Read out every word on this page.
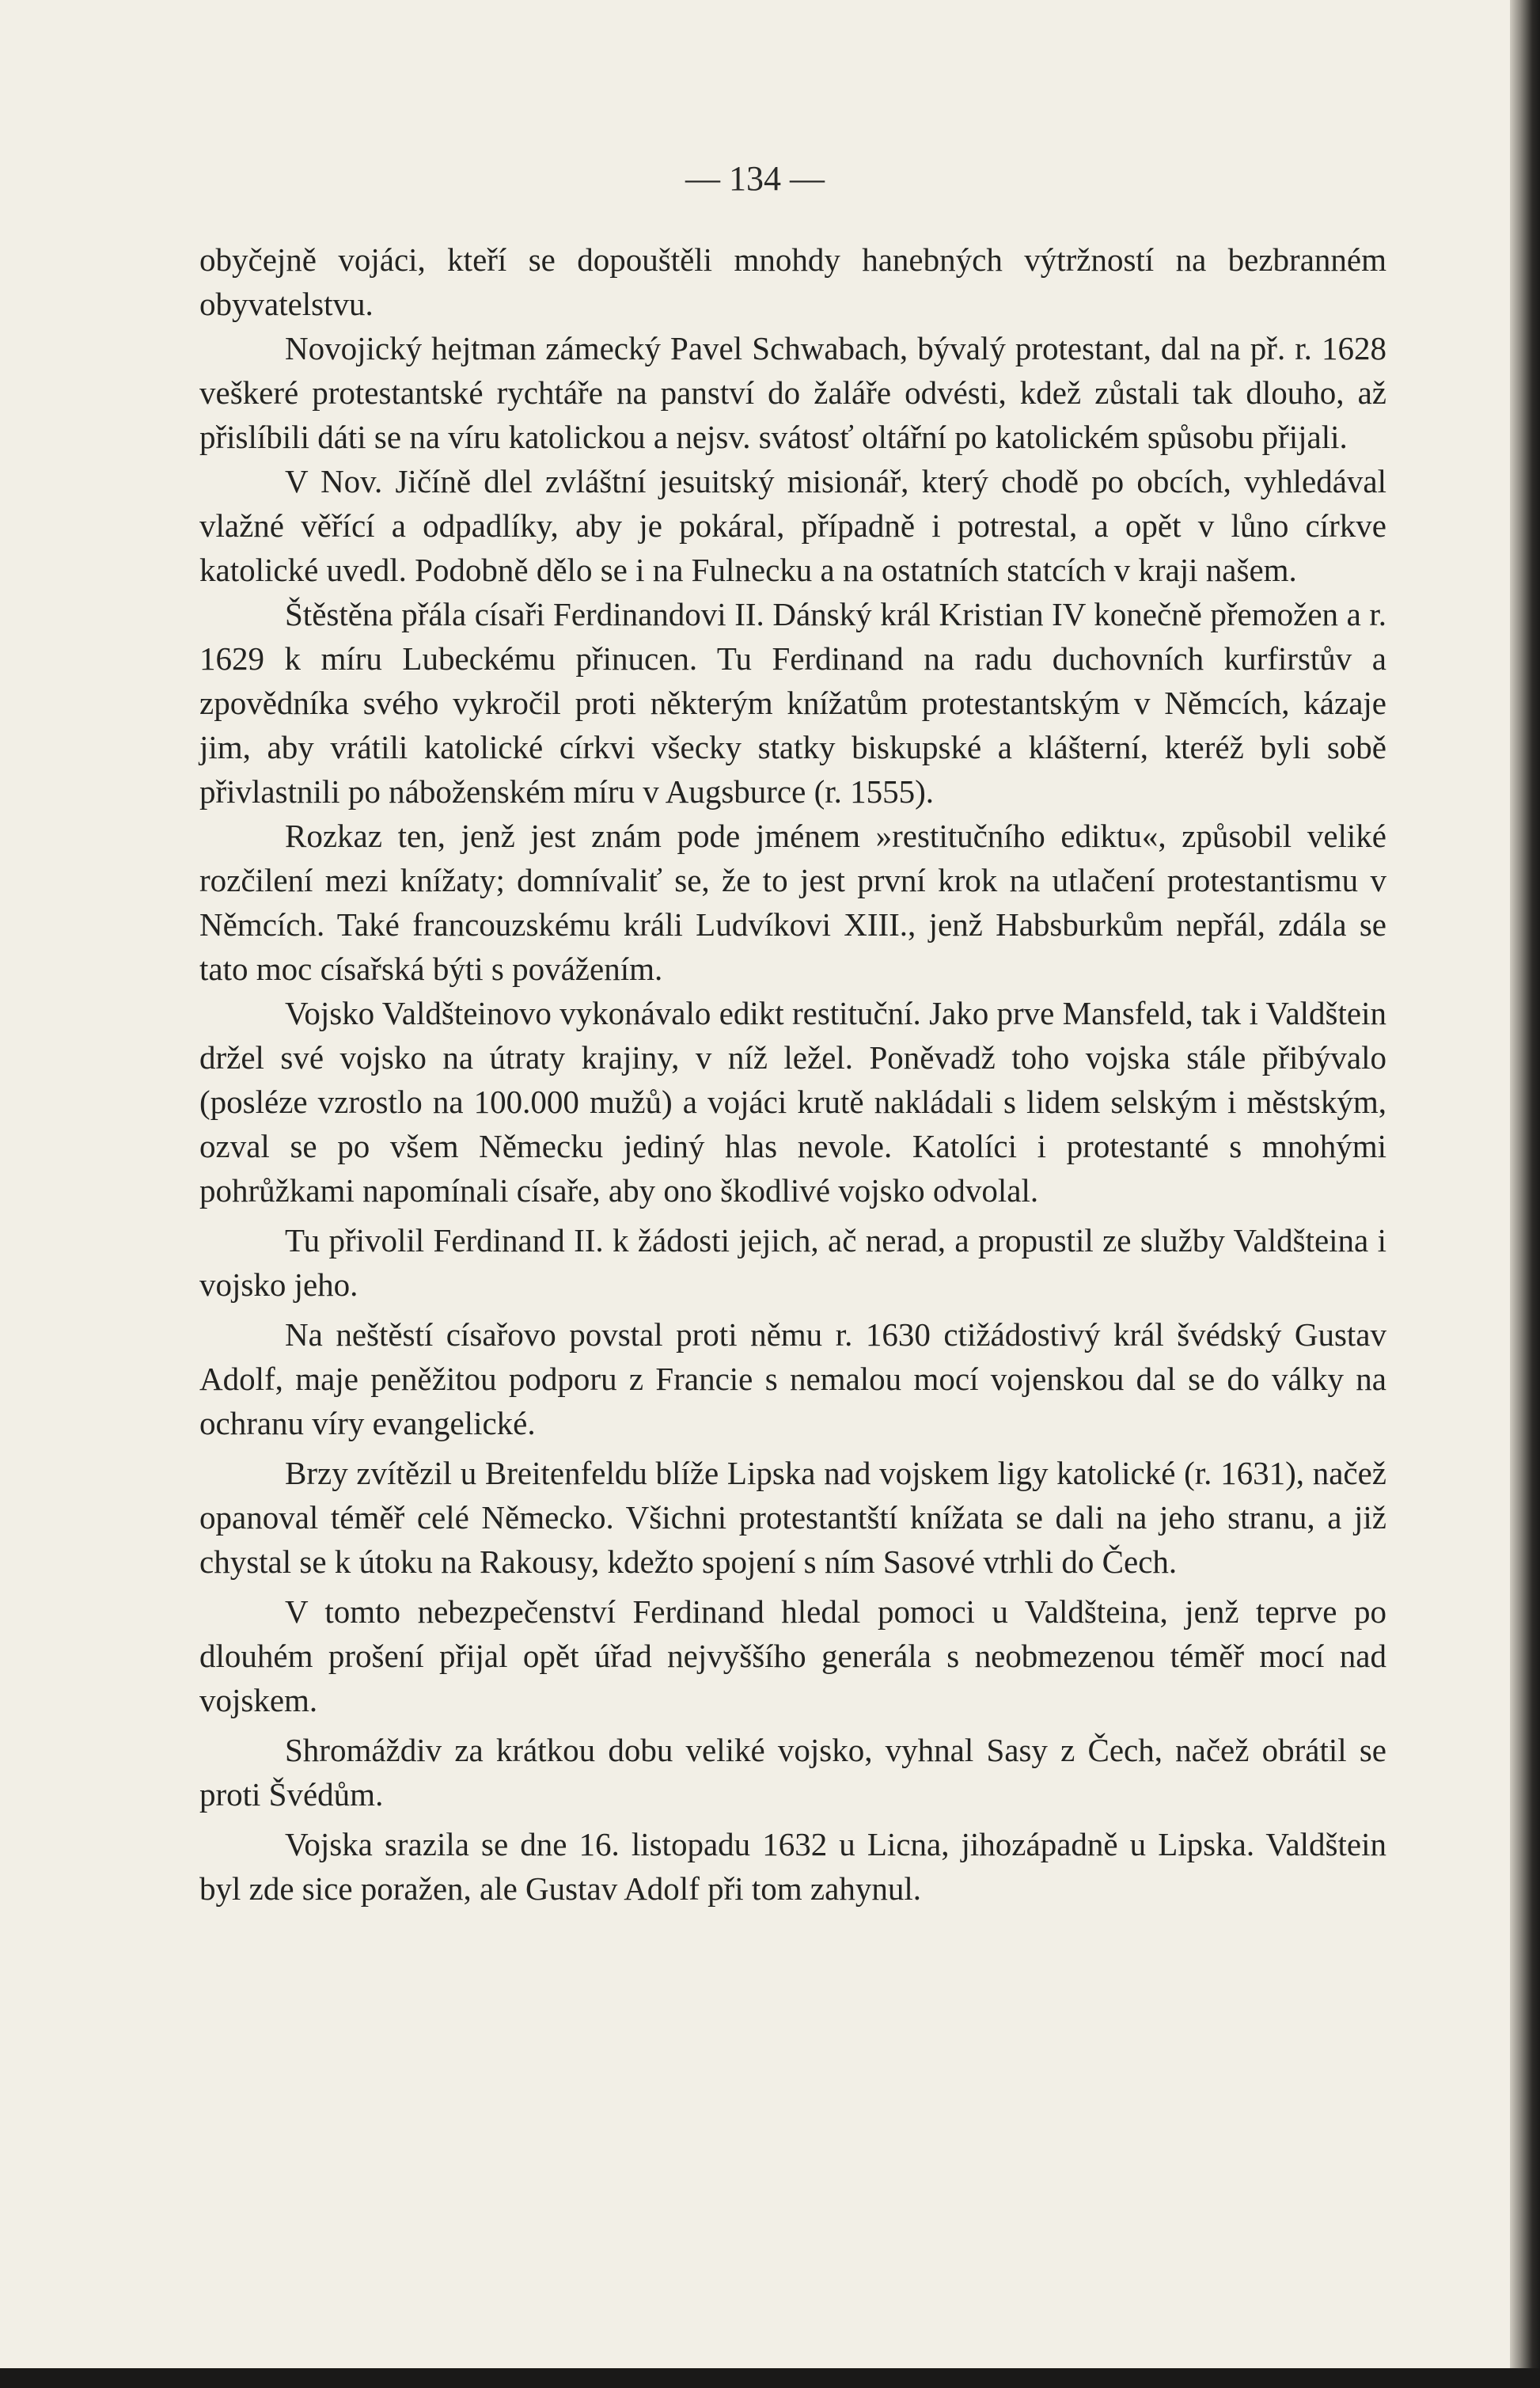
— 134 —

obyčejně vojáci, kteří se dopouštěli mnohdy hanebných výtržností na bezbranném obyvatelstvu.

Novojický hejtman zámecký Pavel Schwabach, bývalý protestant, dal na př. r. 1628 veškeré protestantské rychtáře na panství do žaláře odvésti, kdež zůstali tak dlouho, až přislíbili dáti se na víru katolickou a nejsv. svátosť oltářní po katolickém spůsobu přijali.

V Nov. Jičíně dlel zvláštní jesuitský misionář, který chodě po obcích, vyhledával vlažné věřící a odpadlíky, aby je pokáral, případně i potrestal, a opět v lůno církve katolické uvedl. Podobně dělo se i na Fulnecku a na ostatních statcích v kraji našem.

Štěstěna přála císaři Ferdinandovi II. Dánský král Kristian IV konečně přemožen a r. 1629 k míru Lubeckému přinucen. Tu Ferdinand na radu duchovních kurfirstův a zpovědníka svého vykročil proti některým knížatům protestantským v Němcích, kázaje jim, aby vrátili katolické církvi všecky statky biskupské a klášterní, kteréž byli sobě přivlastnili po náboženském míru v Augsburce (r. 1555).

Rozkaz ten, jenž jest znám pode jménem »restitučního ediktu«, způsobil veliké rozčilení mezi knížaty; domnívaliť se, že to jest první krok na utlačení protestantismu v Němcích. Také francouzskému králi Ludvíkovi XIII., jenž Habsburkům nepřál, zdála se tato moc císařská býti s povážením.

Vojsko Valdšteinovo vykonávalo edikt restituční. Jako prve Mansfeld, tak i Valdštein držel své vojsko na útraty krajiny, v níž ležel. Poněvadž toho vojska stále přibývalo (posléze vzrostlo na 100.000 mužů) a vojáci krutě nakládali s lidem selským i městským, ozval se po všem Německu jediný hlas nevole. Katolíci i protestanté s mnohými pohrůžkami napomínali císaře, aby ono škodlivé vojsko odvolal.

Tu přivolil Ferdinand II. k žádosti jejich, ač nerad, a propustil ze služby Valdšteina i vojsko jeho.

Na neštěstí císařovo povstal proti němu r. 1630 ctižádostivý král švédský Gustav Adolf, maje peněžitou podporu z Francie s nemalou mocí vojenskou dal se do války na ochranu víry evangelické.

Brzy zvítězil u Breitenfeldu blíže Lipska nad vojskem ligy katolické (r. 1631), načež opanoval téměř celé Německo. Všichni protestantští knížata se dali na jeho stranu, a již chystal se k útoku na Rakousy, kdežto spojení s ním Sasové vtrhli do Čech.

V tomto nebezpečenství Ferdinand hledal pomoci u Valdšteina, jenž teprve po dlouhém prošení přijal opět úřad nejvyššího generála s neobmezenou téměř mocí nad vojskem.

Shromáždiv za krátkou dobu veliké vojsko, vyhnal Sasy z Čech, načež obrátil se proti Švédům.

Vojska srazila se dne 16. listopadu 1632 u Licna, jihozápadně u Lipska. Valdštein byl zde sice poražen, ale Gustav Adolf při tom zahynul.
